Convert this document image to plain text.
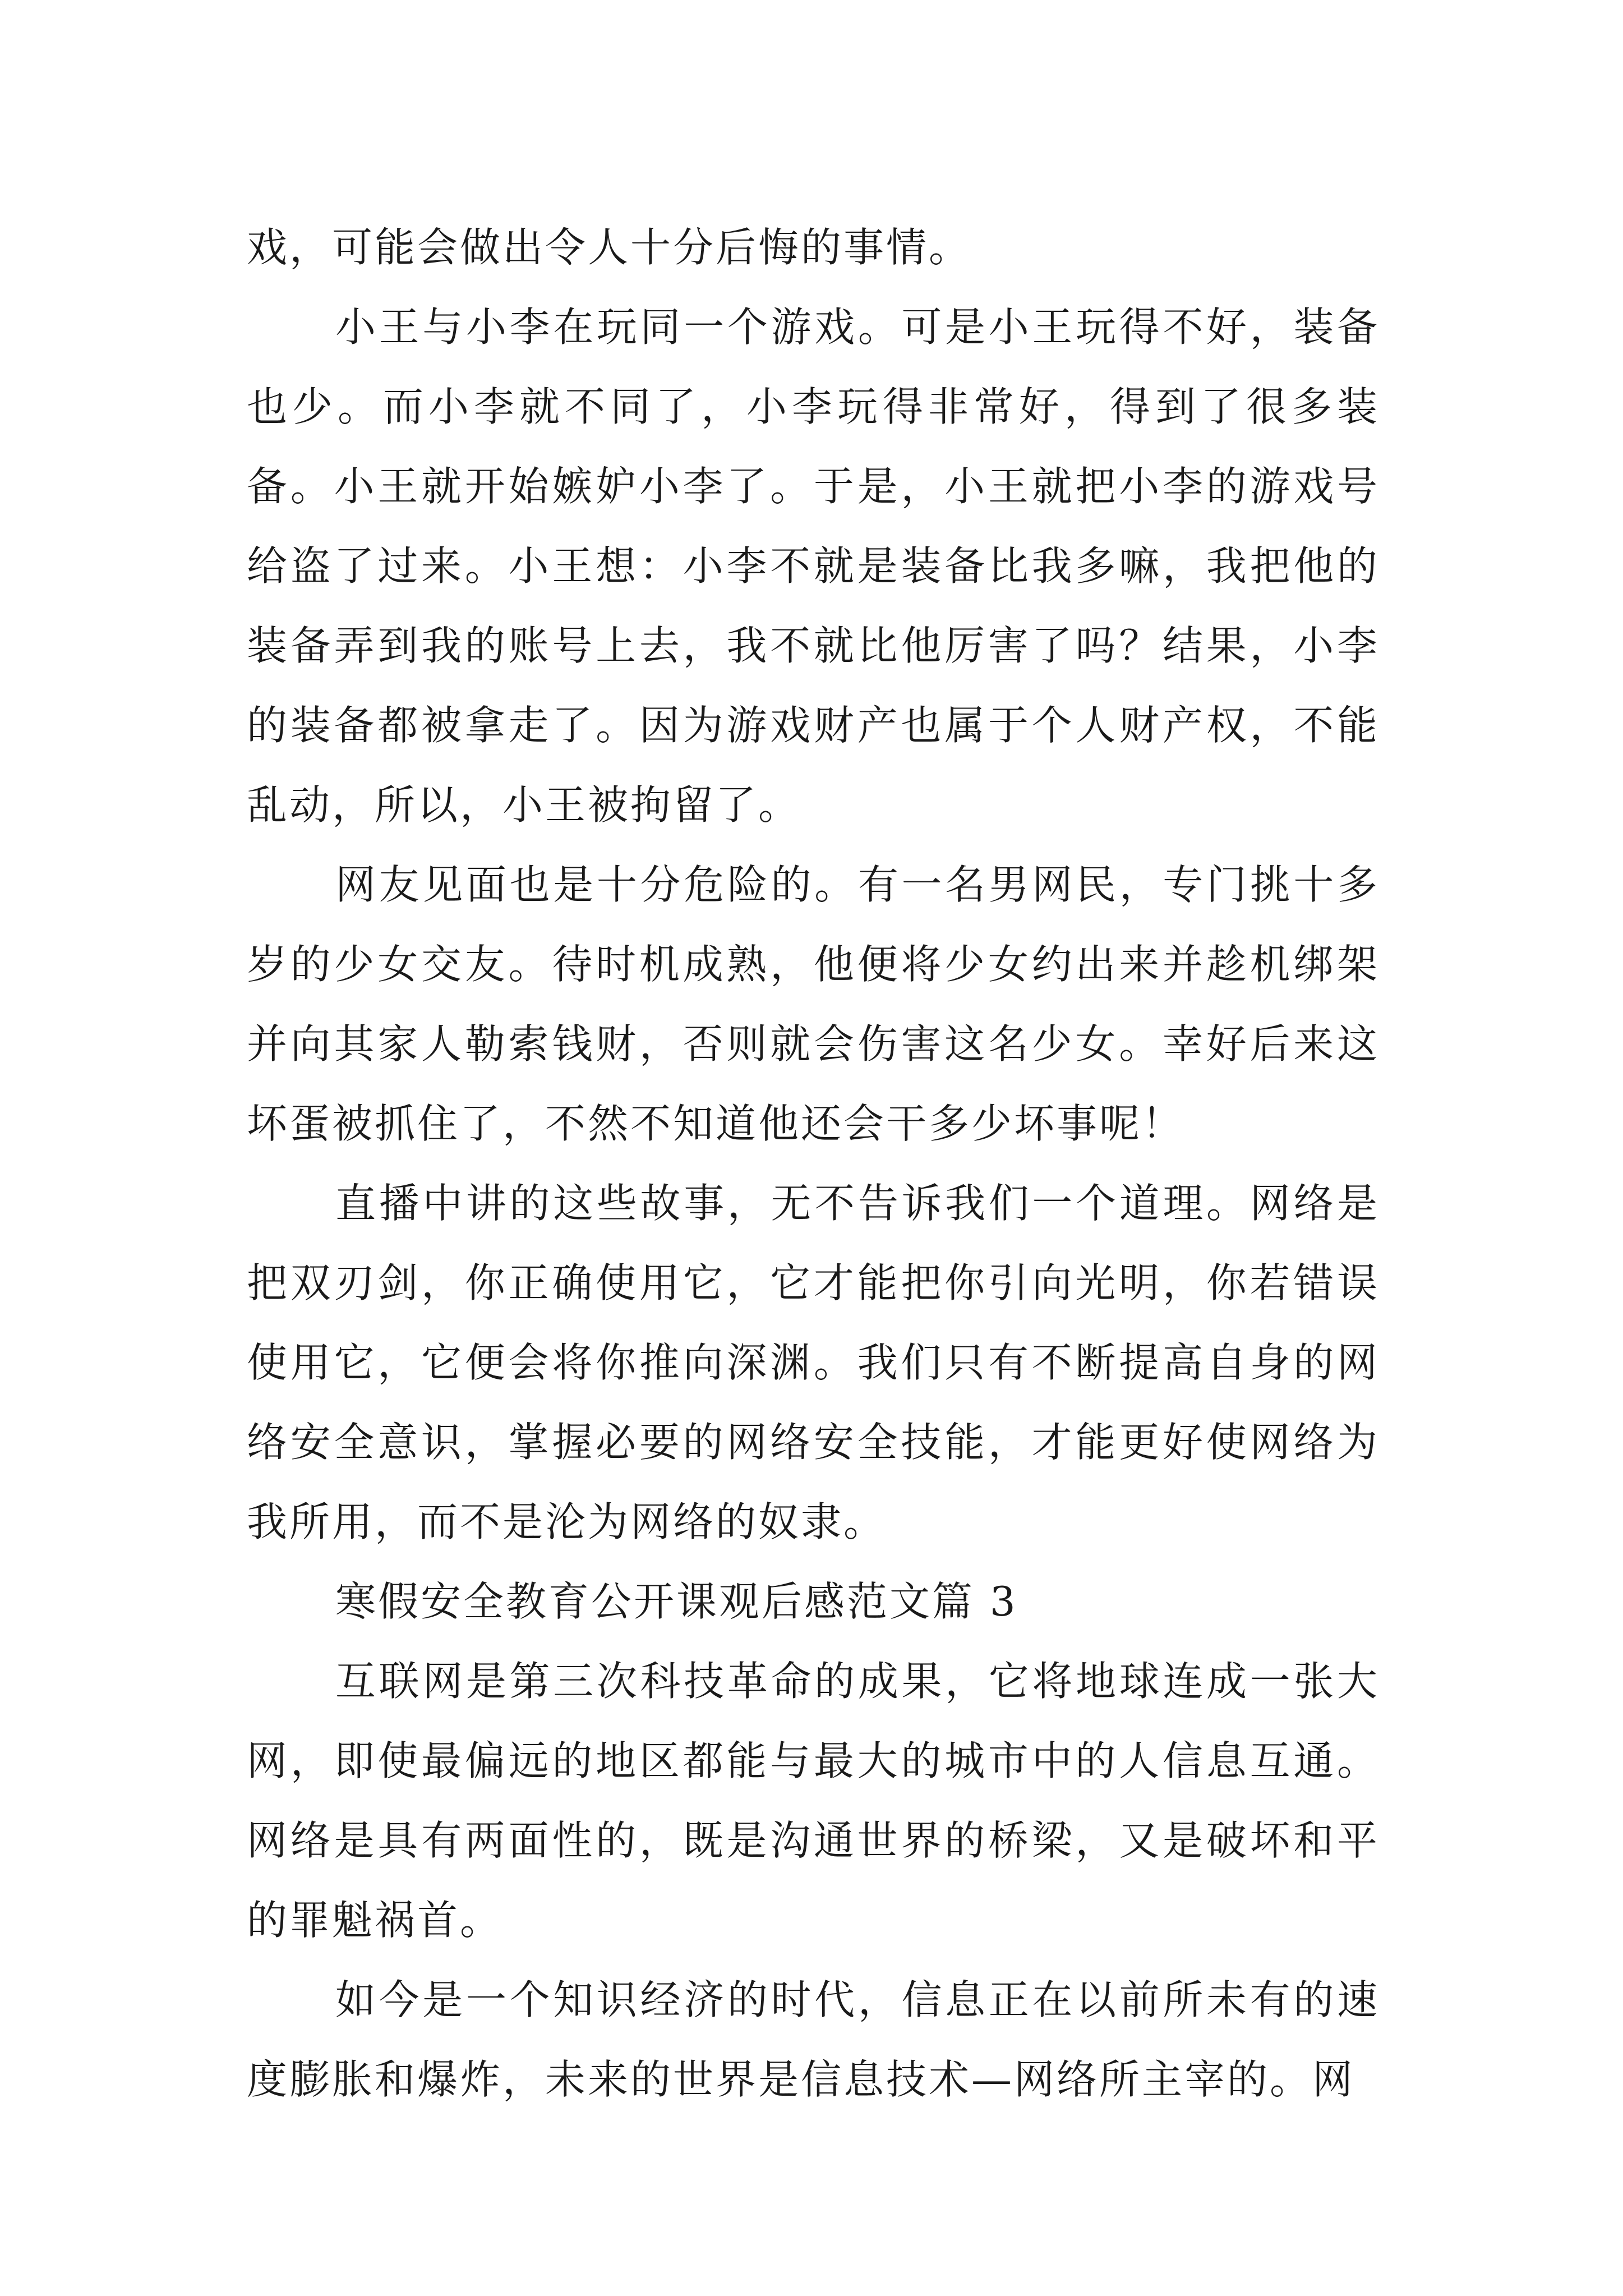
戏，可能会做出令人十分后悔的事情。

小王与小李在玩同一个游戏。可是小王玩得不好，装备也少。而小李就不同了，小李玩得非常好，得到了很多装备。小王就开始嫉妒小李了。于是，小王就把小李的游戏号给盗了过来。小王想：小李不就是装备比我多嘛，我把他的装备弄到我的账号上去，我不就比他厉害了吗？结果，小李的装备都被拿走了。因为游戏财产也属于个人财产权，不能乱动，所以，小王被拘留了。

网友见面也是十分危险的。有一名男网民，专门挑十多岁的少女交友。待时机成熟，他便将少女约出来并趁机绑架并向其家人勒索钱财，否则就会伤害这名少女。幸好后来这坏蛋被抓住了，不然不知道他还会干多少坏事呢！

直播中讲的这些故事，无不告诉我们一个道理。网络是把双刃剑，你正确使用它，它才能把你引向光明，你若错误使用它，它便会将你推向深渊。我们只有不断提高自身的网络安全意识，掌握必要的网络安全技能，才能更好使网络为我所用，而不是沦为网络的奴隶。

寒假安全教育公开课观后感范文篇 3

互联网是第三次科技革命的成果，它将地球连成一张大网，即使最偏远的地区都能与最大的城市中的人信息互通。网络是具有两面性的，既是沟通世界的桥梁，又是破坏和平的罪魁祸首。

如今是一个知识经济的时代，信息正在以前所未有的速度膨胀和爆炸，未来的世界是信息技术—网络所主宰的。网
